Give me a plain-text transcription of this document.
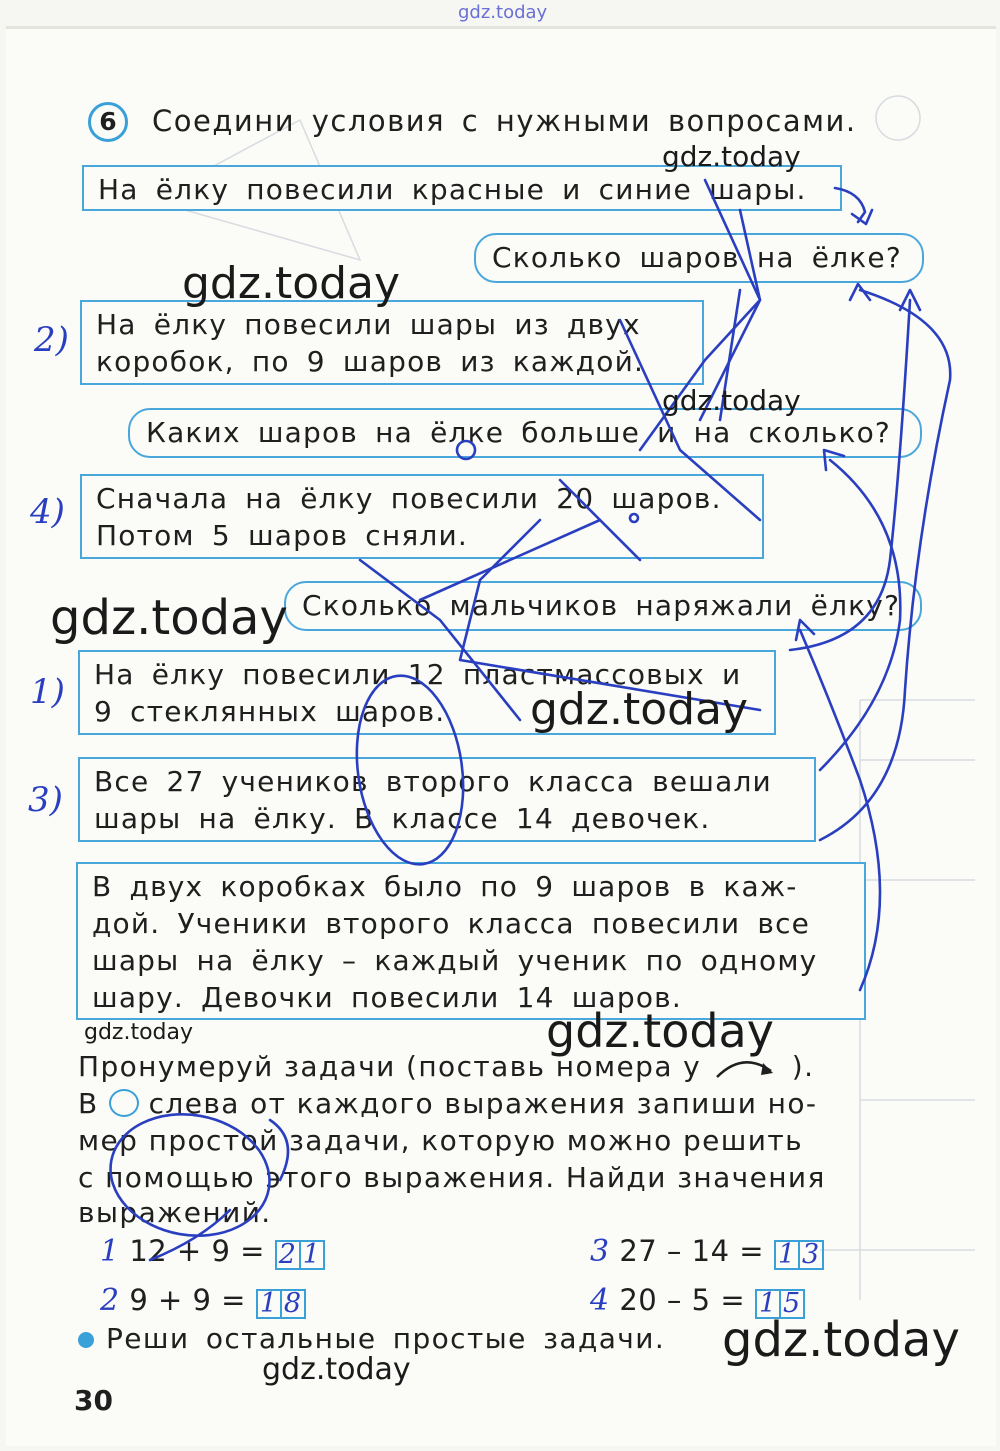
gdz.today
6	Соедини условия с нужными вопросами.
На ёлку повесили красные и синие шары.
Сколько шаров на ёлке?
На ёлку повесили шары из двух
коробок, по 9 шаров из каждой.
Каких шаров на ёлке больше и на сколько?
Сначала на ёлку повесили 20 шаров.
Потом 5 шаров сняли.
Сколько мальчиков наряжали ёлку?
На ёлку повесили 12 пластмассовых и
9 стеклянных шаров.
Все 27 учеников второго класса вешали
шары на ёлку. В классе 14 девочек.
В двух коробках было по 9 шаров в каж-
дой. Ученики второго класса повесили все
шары на ёлку – каждый ученик по одному
шару. Девочки повесили 14 шаров.
2)
4)
1)
3)
Пронумеруй задачи (поставь номера у	).
В слева от каждого выражения запиши но-
мер простой задачи, которую можно решить
с помощью этого выражения. Найди значения
выражений.
1 12 + 9 = 2 1
2 9 + 9 = 1 8
3 27 – 14 = 1 3
4 20 – 5 = 1 5
Реши остальные простые задачи.
30
gdz.today
gdz.today
gdz.today
gdz.today
gdz.today
gdz.today	gdz.today
gdz.today
gdz.today
